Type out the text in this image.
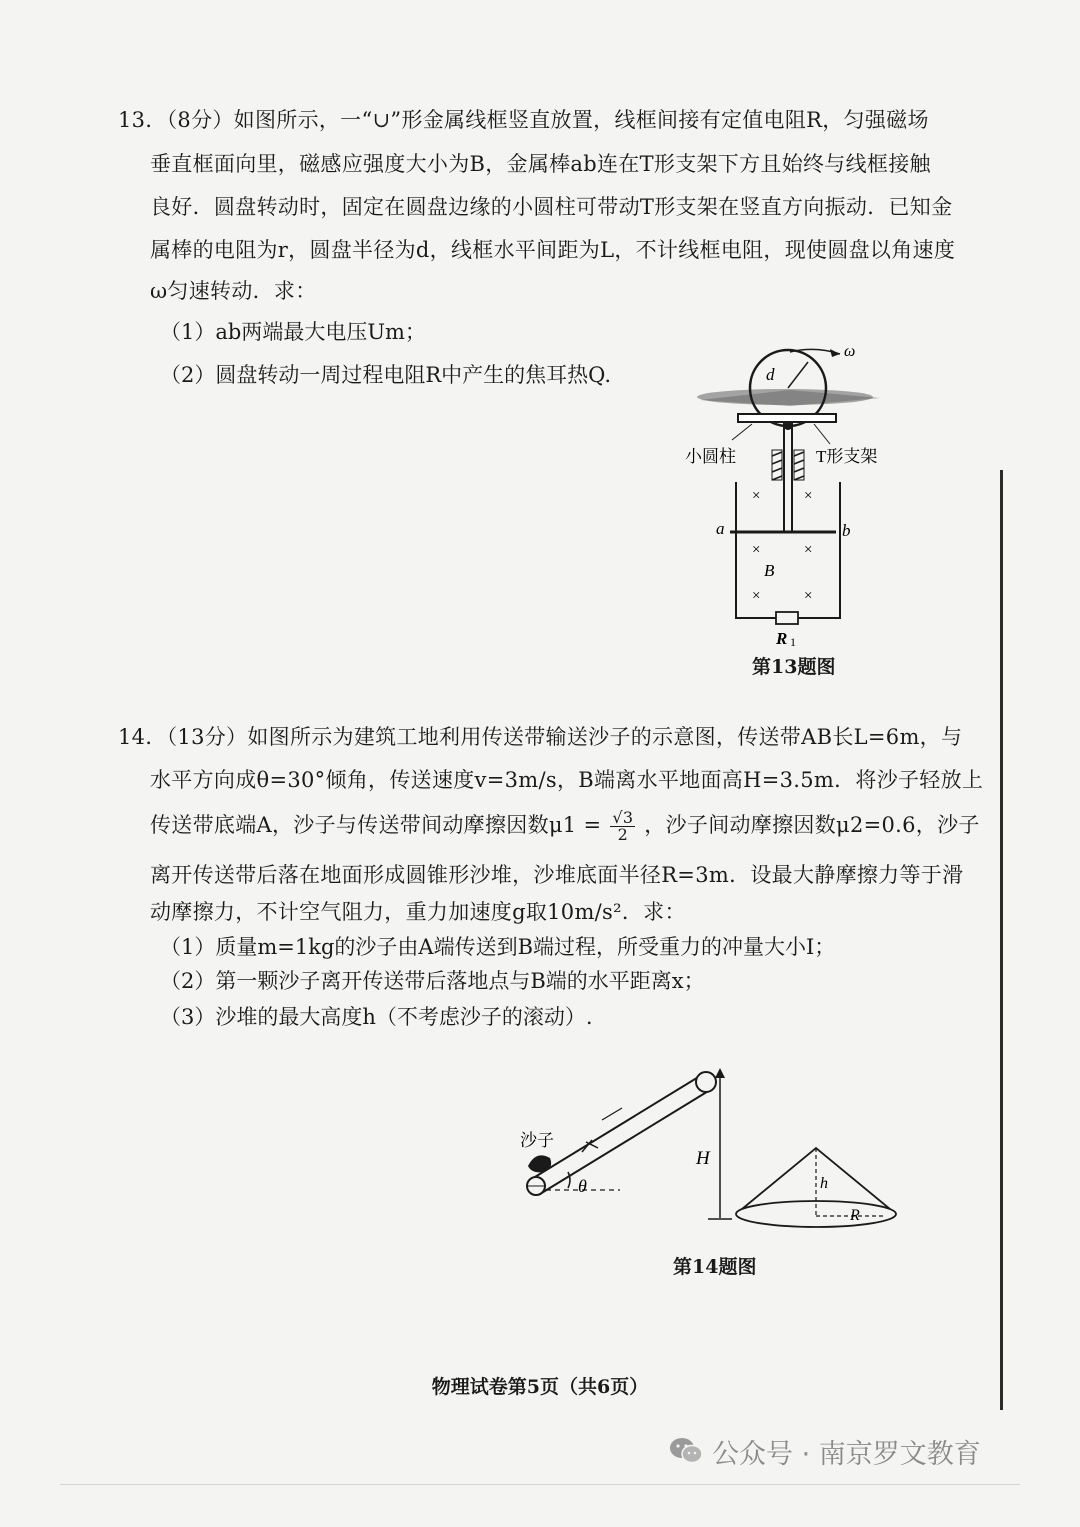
13．（8分）如图所示，一“∪”形金属线框竖直放置，线框间接有定值电阻R，匀强磁场
垂直框面向里，磁感应强度大小为B，金属棒ab连在T形支架下方且始终与线框接触
良好．圆盘转动时，固定在圆盘边缘的小圆柱可带动T形支架在竖直方向振动．已知金
属棒的电阻为r，圆盘半径为d，线框水平间距为L，不计线框电阻，现使圆盘以角速度
ω匀速转动．求：
（1）ab两端最大电压Um；
（2）圆盘转动一周过程电阻R中产生的焦耳热Q.	d
ω
小圆柱	T形支架
R 1
a	b
×	×
×	×
×	×
B
第13题图
14．（13分）如图所示为建筑工地利用传送带输送沙子的示意图，传送带AB长L=6m，与
水平方向成θ=30°倾角，传送速度v=3m/s，B端离水平地面高H=3.5m．将沙子轻放上
传送带底端A，沙子与传送带间动摩擦因数$\mu 1 = \frac{√3}{2}$ ，沙子间动摩擦因数μ2=0.6，沙子
离开传送带后落在地面形成圆锥形沙堆，沙堆底面半径R=3m．设最大静摩擦力等于滑
动摩擦力，不计空气阻力，重力加速度g取10m/s²．求：
（1）质量m=1kg的沙子由A端传送到B端过程，所受重力的冲量大小I；
（2）第一颗沙子离开传送带后落地点与B端的水平距离x；
（3）沙堆的最大高度h（不考虑沙子的滚动）.
沙子
θ
H
h
R
第14题图
物理试卷第5页（共6页）
公众号 · 南京罗文教育
